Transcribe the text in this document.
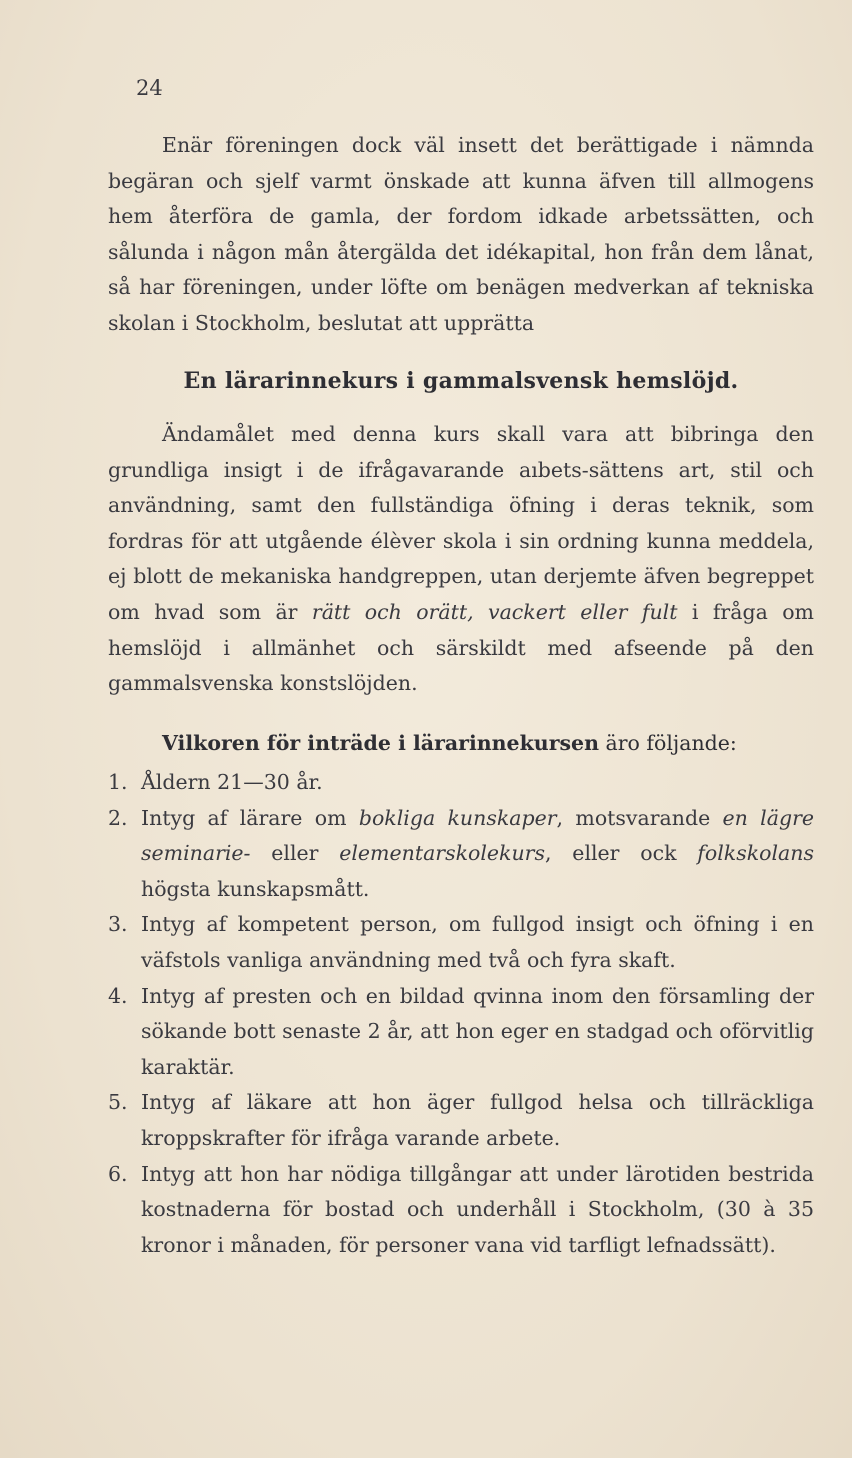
24

Enär föreningen dock väl insett det berättigade i nämnda begäran och sjelf varmt önskade att kunna äfven till allmogens hem återföra de gamla, der fordom idkade arbetssätten, och sålunda i någon mån återgälda det idékapital, hon från dem lånat, så har föreningen, under löfte om benägen medverkan af tekniska skolan i Stockholm, beslutat att upprätta

En lärarinnekurs i gammalsvensk hemslöjd.

Ändamålet med denna kurs skall vara att bibringa den grundliga insigt i de ifrågavarande aıbets-sättens art, stil och användning, samt den fullständiga öfning i deras teknik, som fordras för att utgående élèver skola i sin ordning kunna meddela, ej blott de mekaniska handgreppen, utan derjemte äfven begreppet om hvad som är rätt och orätt, vackert eller fult i fråga om hemslöjd i allmänhet och särskildt med afseende på den gammalsvenska konstslöjden.

Vilkoren för inträde i lärarinnekursen äro följande:
1. Åldern 21—30 år.
2. Intyg af lärare om bokliga kunskaper, motsvarande en lägre seminarie- eller elementarskolekurs, eller ock folkskolans högsta kunskapsmått.
3. Intyg af kompetent person, om fullgod insigt och öfning i en väfstols vanliga användning med två och fyra skaft.
4. Intyg af presten och en bildad qvinna inom den församling der sökande bott senaste 2 år, att hon eger en stadgad och oförvitlig karaktär.
5. Intyg af läkare att hon äger fullgod helsa och tillräckliga kroppskrafter för ifråga varande arbete.
6. Intyg att hon har nödiga tillgångar att under lärotiden bestrida kostnaderna för bostad och underhåll i Stockholm, (30 à 35 kronor i månaden, för personer vana vid tarfligt lefnadssätt).
